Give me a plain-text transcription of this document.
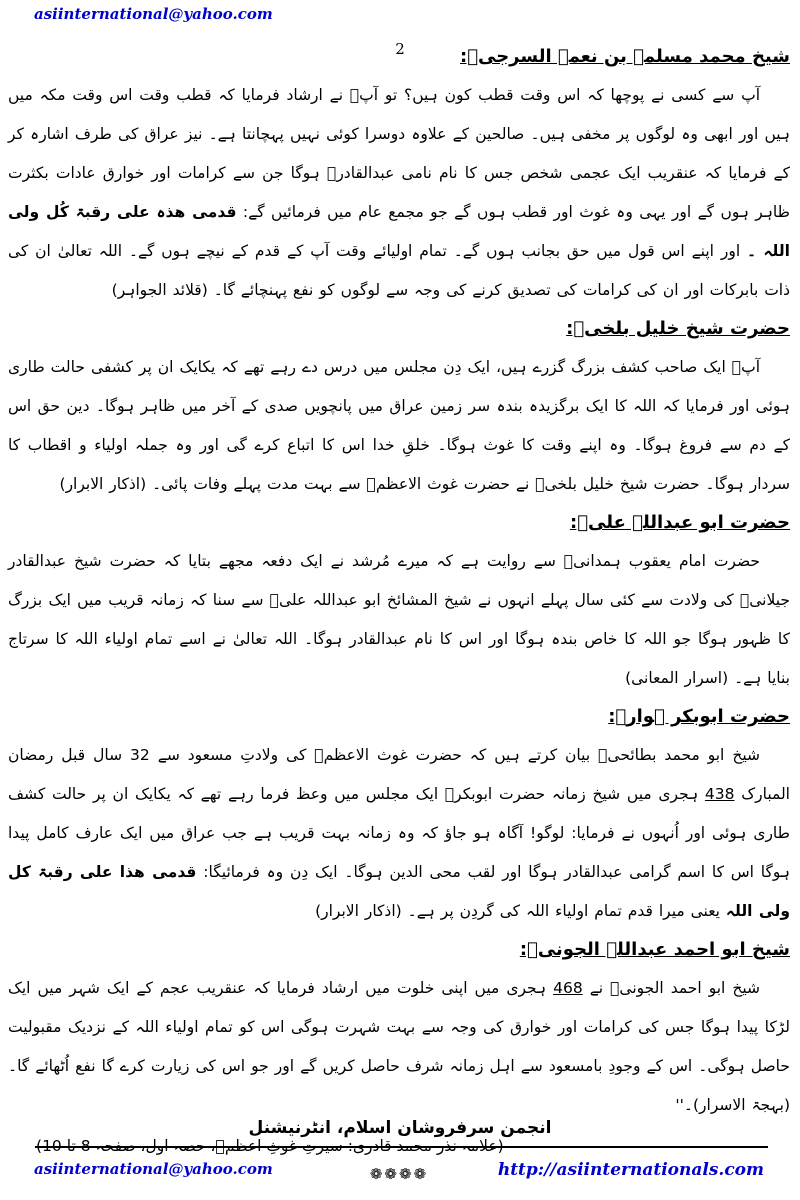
asiinternational@yahoo.com
2	شیخ محمد مسلمہ بن نعمۃ السرجیؒ:
آپ سے کسی نے پوچھا کہ اس وقت قطب کون ہیں؟ تو آپؓ نے ارشاد فرمایا کہ قطب وقت اس وقت مکہ میں ہیں اور ابھی وہ لوگوں پر مخفی ہیں۔ صالحین کے علاوہ دوسرا کوئی نہیں پہچانتا ہے۔ نیز عراق کی طرف اشارہ کر کے فرمایا کہ عنقریب ایک عجمی شخص جس کا نام نامی عبدالقادرؒ ہوگا جن سے کرامات اور خوارق عادات بکثرت ظاہر ہوں گے اور یہی وہ غوث اور قطب ہوں گے جو مجمع عام میں فرمائیں گے: قدمی ھذہ علی رقبۃ کُل ولی اللہ ۔ اور اپنے اس قول میں حق بجانب ہوں گے۔ تمام اولیائے وقت آپ کے قدم کے نیچے ہوں گے۔ اللہ تعالیٰ ان کی ذات بابرکات اور ان کی کرامات کی تصدیق کرنے کی وجہ سے لوگوں کو نفع پہنچائے گا۔ (قلائد الجواہر)
حضرت شیخ خلیل بلخیؒ:
آپؒ ایک صاحب کشف بزرگ گزرے ہیں، ایک دِن مجلس میں درس دے رہے تھے کہ یکایک ان پر کشفی حالت طاری ہوئی اور فرمایا کہ اللہ کا ایک برگزیدہ بندہ سر زمین عراق میں پانچویں صدی کے آخر میں ظاہر ہوگا۔ دین حق اس کے دم سے فروغ ہوگا۔ وہ اپنے وقت کا غوث ہوگا۔ خلقِ خدا اس کا اتباع کرے گی اور وہ جملہ اولیاء و اقطاب کا سردار ہوگا۔ حضرت شیخ خلیل بلخیؒ نے حضرت غوث الاعظمؒ سے بہت مدت پہلے وفات پائی۔ (اذکار الابرار)
حضرت ابو عبداللہ علیؒ:
حضرت امام یعقوب ہمدانیؒ سے روایت ہے کہ میرے مُرشد نے ایک دفعہ مجھے بتایا کہ حضرت شیخ عبدالقادر جیلانیؓ کی ولادت سے کئی سال پہلے انہوں نے شیخ المشائخ ابو عبداللہ علیؒ سے سنا کہ زمانہ قریب میں ایک بزرگ کا ظہور ہوگا جو اللہ کا خاص بندہ ہوگا اور اس کا نام عبدالقادر ہوگا۔ اللہ تعالیٰ نے اسے تمام اولیاء اللہ کا سرتاج بنایا ہے۔ (اسرار المعانی)
حضرت ابوبکر ہوارؒ:
شیخ ابو محمد بطائحیؒ بیان کرتے ہیں کہ حضرت غوث الاعظمؓ کی ولادتِ مسعود سے 32 سال قبل رمضان المبارک 438 ہجری میں شیخ زمانہ حضرت ابوبکرؒ ایک مجلس میں وعظ فرما رہے تھے کہ یکایک ان پر حالت کشف طاری ہوئی اور اُنہوں نے فرمایا: لوگو! آگاہ ہو جاؤ کہ وہ زمانہ بہت قریب ہے جب عراق میں ایک عارف کامل پیدا ہوگا اس کا اسم گرامی عبدالقادر ہوگا اور لقب محی الدین ہوگا۔ ایک دِن وہ فرمائیگا: قدمی ھذا علی رقبۃ کل ولی اللہ یعنی میرا قدم تمام اولیاء اللہ کی گردِن پر ہے۔ (اذکار الابرار)
شیخ ابو احمد عبداللہ الجونیؒ:
شیخ ابو احمد الجونیؒ نے 468 ہجری میں اپنی خلوت میں ارشاد فرمایا کہ عنقریب عجم کے ایک شہر میں ایک لڑکا پیدا ہوگا جس کی کرامات اور خوارق کی وجہ سے بہت شہرت ہوگی اس کو تمام اولیاء اللہ کے نزدیک مقبولیت حاصل ہوگی۔ اس کے وجودِ بامسعود سے اہل زمانہ شرف حاصل کریں گے اور جو اس کی زیارت کرے گا نفع اُٹھائے گا۔ (بہجۃ الاسرار)۔''
(علامہ نذر محمد قادری: سیرتِ غوثِ اعظمؒ، حصہ اول، صفحہ 8 تا 10)
❁❁❁❁
انجمن سرفروشان اسلام، انٹرنیشنل
asiinternational@yahoo.com	http://asiinternationals.com
